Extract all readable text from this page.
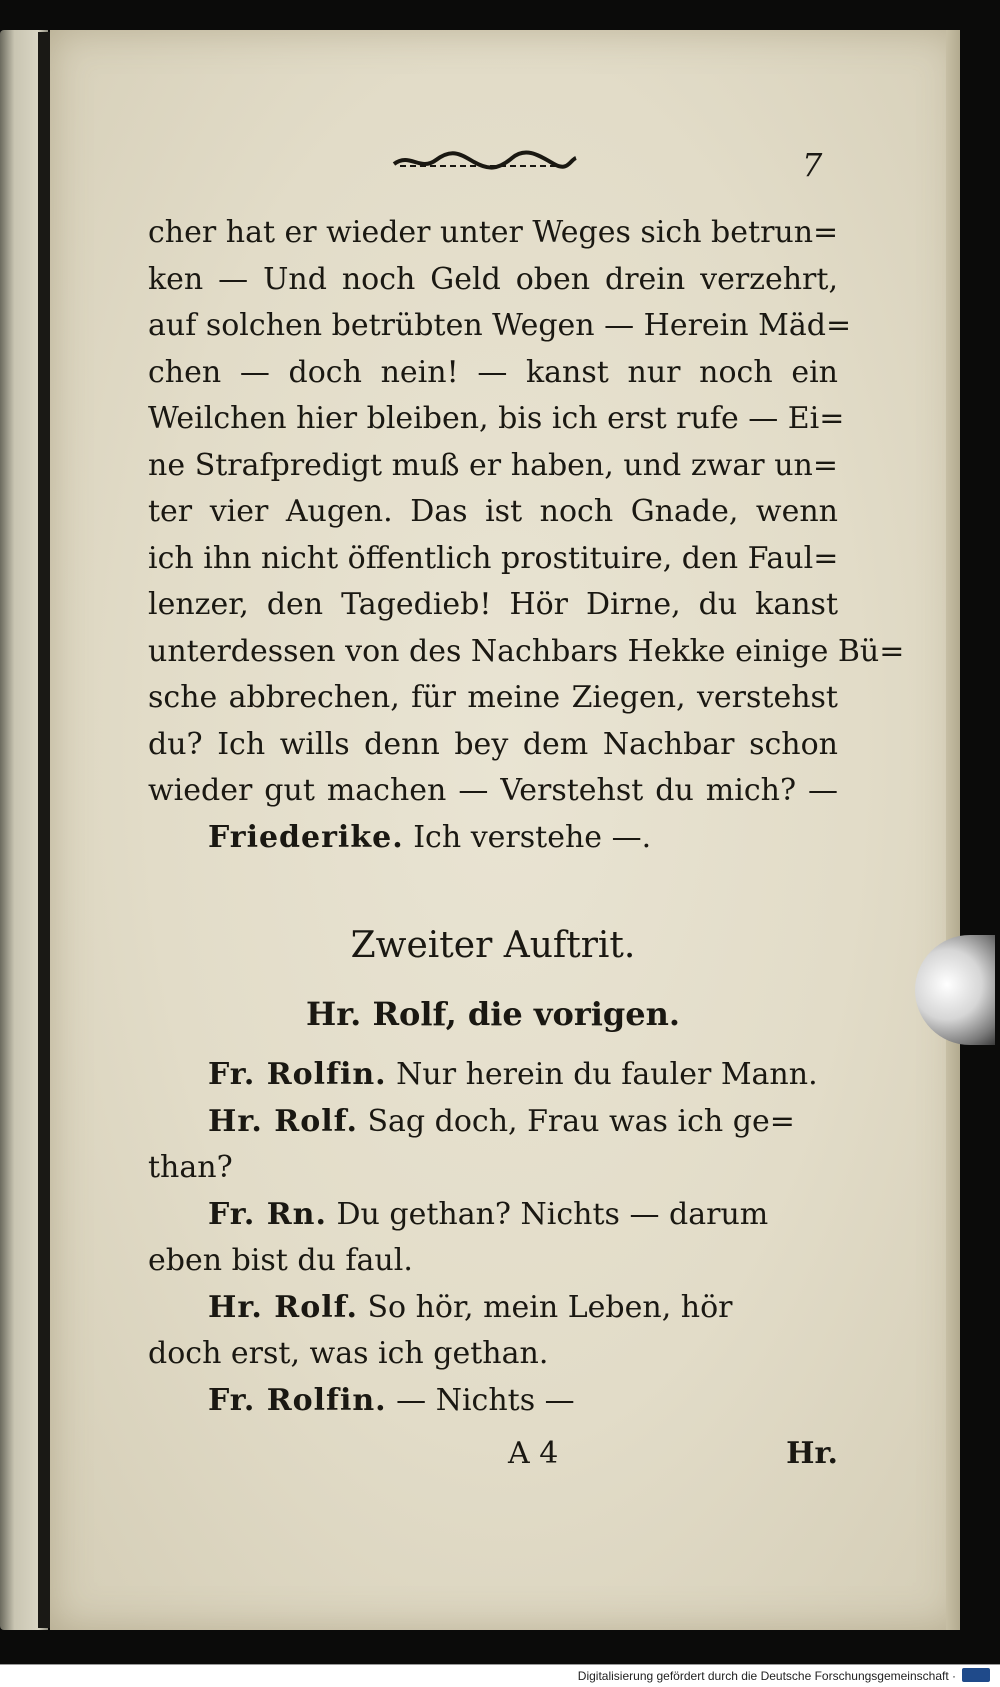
7
cher hat er wieder unter Weges sich betrun=
ken — Und noch Geld oben drein verzehrt,
auf solchen betrübten Wegen — Herein Mäd=
chen — doch nein! — kanst nur noch ein
Weilchen hier bleiben, bis ich erst rufe — Ei=
ne Strafpredigt muß er haben, und zwar un=
ter vier Augen. Das ist noch Gnade, wenn
ich ihn nicht öffentlich prostituire, den Faul=
lenzer, den Tagedieb! Hör Dirne, du kanst
unterdessen von des Nachbars Hekke einige Bü=
sche abbrechen, für meine Ziegen, verstehst
du? Ich wills denn bey dem Nachbar schon
wieder gut machen — Verstehst du mich? —
Friederike. Ich verstehe —.
Zweiter Auftrit.
Hr. Rolf, die vorigen.
Fr. Rolfin. Nur herein du fauler Mann.
Hr. Rolf. Sag doch, Frau was ich ge=
than?
Fr. Rn. Du gethan? Nichts — darum
eben bist du faul.
Hr. Rolf. So hör, mein Leben, hör
doch erst, was ich gethan.
Fr. Rolfin. — Nichts —
A 4	Hr.
Digitalisierung gefördert durch die Deutsche Forschungsgemeinschaft ·
